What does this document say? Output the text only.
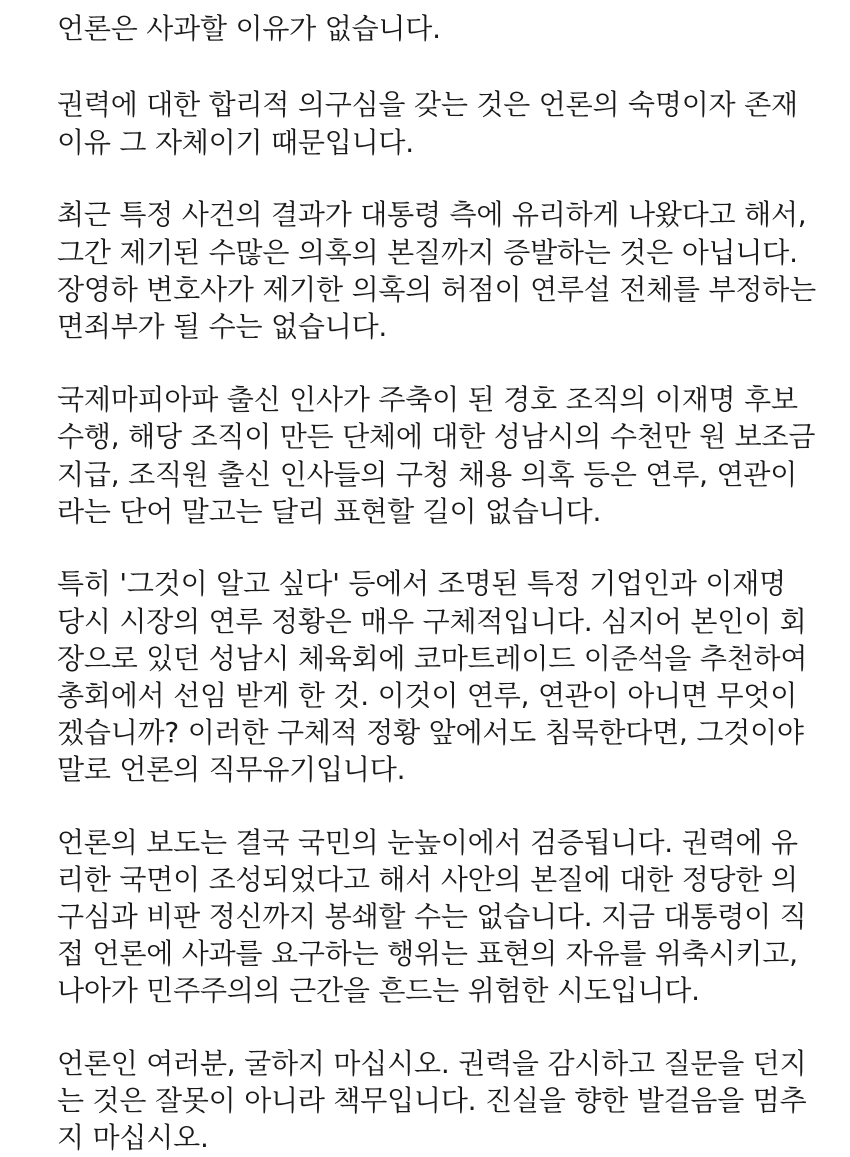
언론은 사과할 이유가 없습니다.
권력에 대한 합리적 의구심을 갖는 것은 언론의 숙명이자 존재
이유 그 자체이기 때문입니다.
최근 특정 사건의 결과가 대통령 측에 유리하게 나왔다고 해서,
그간 제기된 수많은 의혹의 본질까지 증발하는 것은 아닙니다.
장영하 변호사가 제기한 의혹의 허점이 연루설 전체를 부정하는
면죄부가 될 수는 없습니다.
국제마피아파 출신 인사가 주축이 된 경호 조직의 이재명 후보
수행, 해당 조직이 만든 단체에 대한 성남시의 수천만 원 보조금
지급, 조직원 출신 인사들의 구청 채용 의혹 등은 연루, 연관이
라는 단어 말고는 달리 표현할 길이 없습니다.
특히 '그것이 알고 싶다' 등에서 조명된 특정 기업인과 이재명
당시 시장의 연루 정황은 매우 구체적입니다. 심지어 본인이 회
장으로 있던 성남시 체육회에 코마트레이드 이준석을 추천하여
총회에서 선임 받게 한 것. 이것이 연루, 연관이 아니면 무엇이
겠습니까? 이러한 구체적 정황 앞에서도 침묵한다면, 그것이야
말로 언론의 직무유기입니다.
언론의 보도는 결국 국민의 눈높이에서 검증됩니다. 권력에 유
리한 국면이 조성되었다고 해서 사안의 본질에 대한 정당한 의
구심과 비판 정신까지 봉쇄할 수는 없습니다. 지금 대통령이 직
접 언론에 사과를 요구하는 행위는 표현의 자유를 위축시키고,
나아가 민주주의의 근간을 흔드는 위험한 시도입니다.
언론인 여러분, 굴하지 마십시오. 권력을 감시하고 질문을 던지
는 것은 잘못이 아니라 책무입니다. 진실을 향한 발걸음을 멈추
지 마십시오.
